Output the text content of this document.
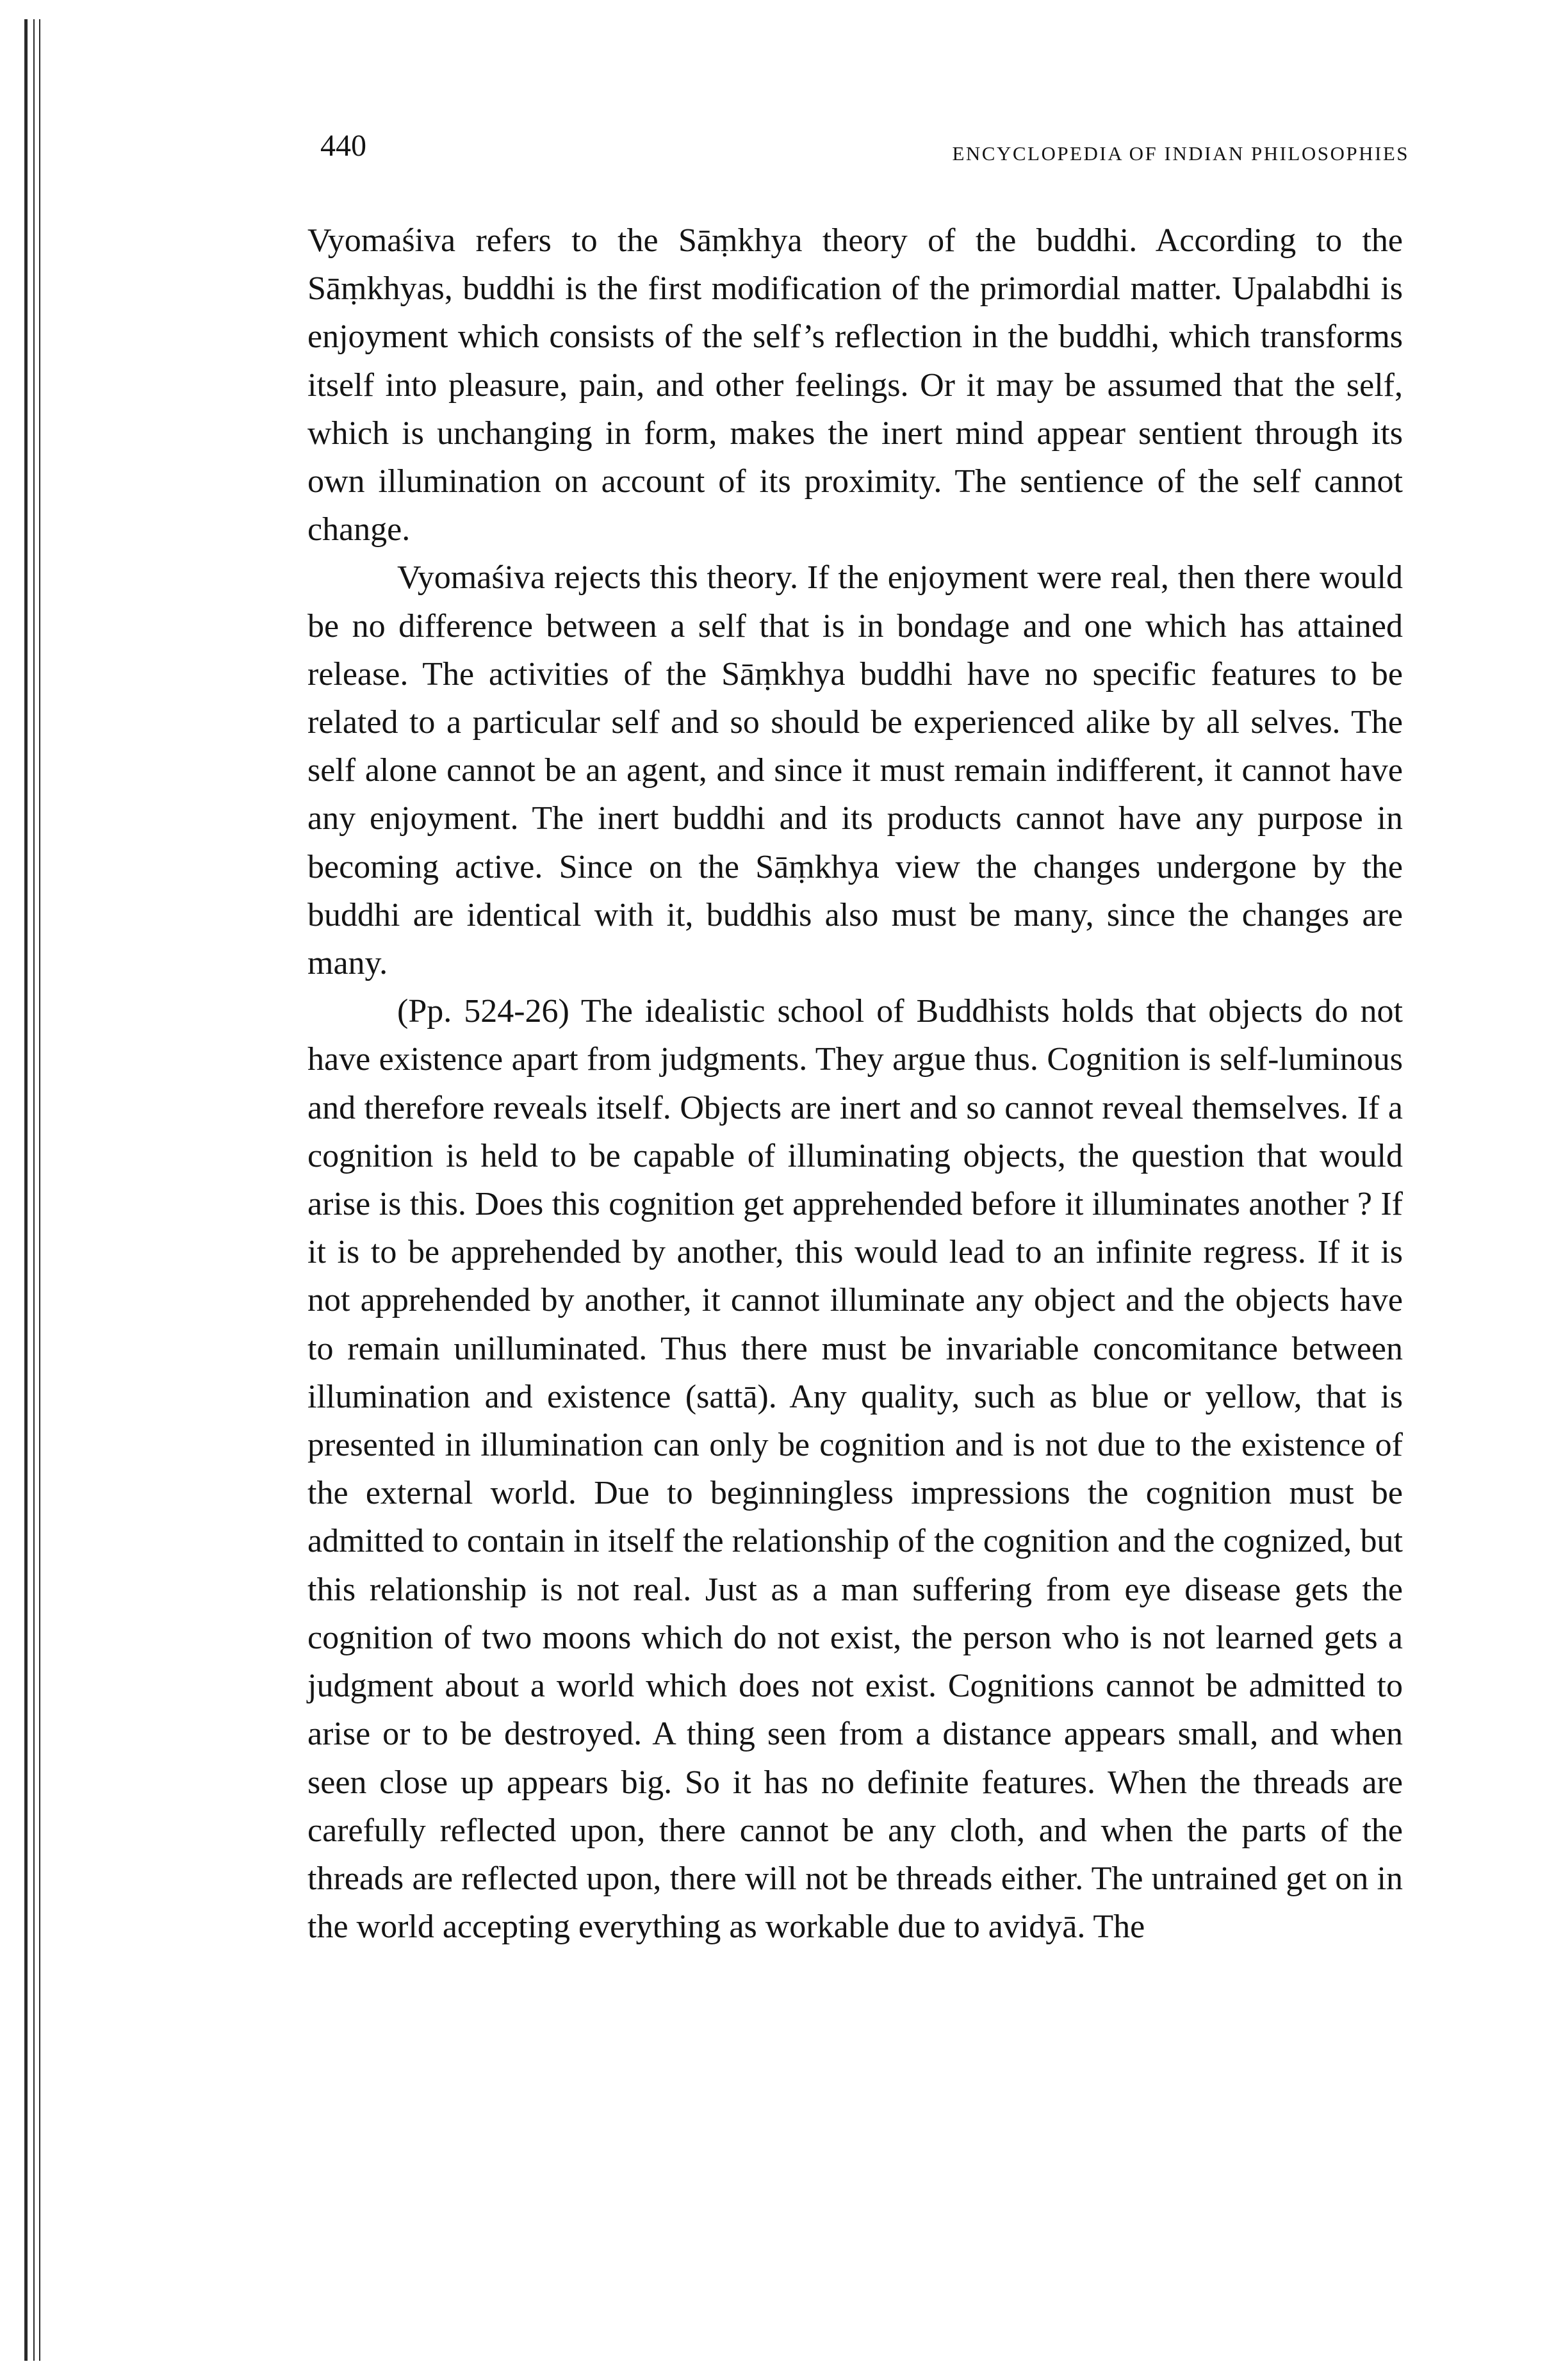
440	ENCYCLOPEDIA OF INDIAN PHILOSOPHIES

Vyomaśiva refers to the Sāṃkhya theory of the buddhi. According to the Sāṃkhyas, buddhi is the first modification of the primordial matter. Upalabdhi is enjoyment which consists of the self’s reflection in the buddhi, which transforms itself into pleasure, pain, and other feelings. Or it may be assumed that the self, which is unchanging in form, makes the inert mind appear sentient through its own illumination on account of its proximity. The sentience of the self cannot change.

Vyomaśiva rejects this theory. If the enjoyment were real, then there would be no difference between a self that is in bondage and one which has attained release. The activities of the Sāṃkhya buddhi have no specific features to be related to a particular self and so should be experienced alike by all selves. The self alone cannot be an agent, and since it must remain indifferent, it cannot have any enjoyment. The inert buddhi and its products cannot have any purpose in becoming active. Since on the Sāṃkhya view the changes undergone by the buddhi are identical with it, buddhis also must be many, since the changes are many.

(Pp. 524-26) The idealistic school of Buddhists holds that objects do not have existence apart from judgments. They argue thus. Cognition is self-luminous and therefore reveals itself. Objects are inert and so cannot reveal themselves. If a cognition is held to be capable of illuminating objects, the question that would arise is this. Does this cognition get apprehended before it illuminates another ? If it is to be apprehended by another, this would lead to an infinite regress. If it is not apprehended by another, it cannot illuminate any object and the objects have to remain unilluminated. Thus there must be invariable concomitance between illumination and existence (sattā). Any quality, such as blue or yellow, that is presented in illumination can only be cognition and is not due to the existence of the external world. Due to beginningless impressions the cognition must be admitted to contain in itself the relationship of the cognition and the cognized, but this relationship is not real. Just as a man suffering from eye disease gets the cognition of two moons which do not exist, the person who is not learned gets a judgment about a world which does not exist. Cognitions cannot be admitted to arise or to be destroyed. A thing seen from a distance appears small, and when seen close up appears big. So it has no definite features. When the threads are carefully reflected upon, there cannot be any cloth, and when the parts of the threads are reflected upon, there will not be threads either. The untrained get on in the world accepting everything as workable due to avidyā. The
